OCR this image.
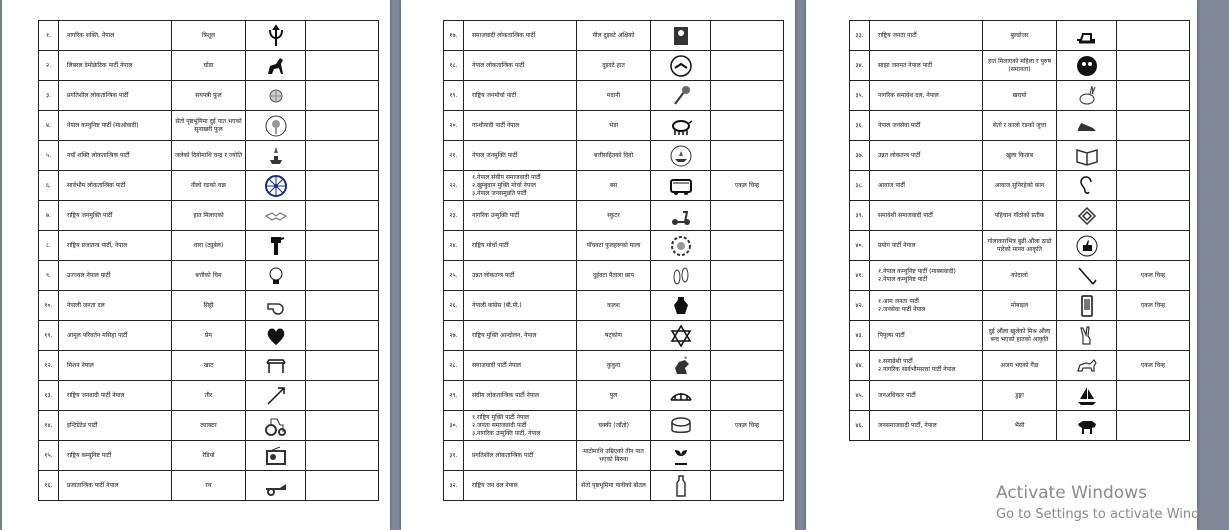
१.	नागरिक शक्ति, नेपाल	त्रिशूल	

२.	लिबरल डेमोक्रेटिक पार्टी नेपाल	घोडा	

३.	प्रगतिशील लोकतान्त्रिक पार्टी	सयपत्री फूल	

४.	नेपाल कम्युनिष्ट पार्टी (माओवादी)	सेतो पृष्ठभूमिमा दुई पात भएको सुनाखरी फूल	

५.	नयाँ शक्ति लोकतान्त्रिक पार्टी	जलेको दियोमाथि चन्द्र र ज्योति	

६.	सार्वभौम लोकतान्त्रिक पार्टी	नीलो रङको चक्र	

७.	राष्ट्रिय जनमुक्ति पार्टी	हात मिलाएको	

८.	राष्ट्रिय प्रजातन्त्र पार्टी, नेपाल	धारा (ट्युबेल)	

९.	उज्ज्वल नेपाल पार्टी	बत्तीको चिम	

१०.	नेपाली जनता दल	सिट्ठी	

११.	आमूल परिवर्तन मसिहा पार्टी	प्रेम	

१२.	मिशन नेपाल	खाट	

१३.	राष्ट्रिय जनवादी पार्टी नेपाल	तीर	

१४.	इन्टिग्रेटेड पार्टी	ट्याक्टर	

१५.	राष्ट्रिय कम्युनिष्ट पार्टी	रेडियो	

१६.	प्रजातान्त्रिक पार्टी नेपाल	रथ	

१७.	समाजवादी लोकतान्त्रिक पार्टी	नील दुइवटे अक्षिको	

१८.	नेपाल लोकतान्त्रिक पार्टी	दुइवटे हात	

१९.	राष्ट्रिय जनमोर्चा पार्टी	मदानी	

२०.	गान्धीवादी पार्टी नेपाल	भेडा	

२१.	नेपाल जनमुक्ति पार्टी	बत्तीसहितको दियो	

२२.	१.नेपाल संघीय समाजवादी पार्टी
२.खुम्बुवान मुक्ति मोर्चा नेपाल
३.नेपाल जनसमुन्नति पार्टी	बस		एकल चिन्ह
२३.	नागरिक उन्मुक्ति पार्टी	स्कुटर	

२४.	राष्ट्रिय मोर्चा पार्टी	पाँचवटा फुलहरूको माला	

२५.	उन्नत लोकतन्त्र पार्टी	दुईवटा पैताला छाप	

२६.	नेपाली कांग्रेस (बी.पी.)	कलश	

२७.	राष्ट्रिय मुक्ति आन्दोलन, नेपाल	षट्कोण	

२८.	समाजवादी पार्टी नेपाल	कुकुरा	

२९.	संघीय लोकतान्त्रिक पार्टी नेपाल	पुल	

३०.	१.राष्ट्रिय मुक्ति पार्टी नेपाल
२.जनता समाजवादी पार्टी
३.नागरिक उन्मुक्ति पार्टी, नेपाल	चक्की (जाँतो)		एकल चिन्ह
३१.	प्रगतिशील लोकतान्त्रिक पार्टी	माटोमाथि उम्रिएको तीन पात भएको बिरुवा	

३२.	राष्ट्रिय जन दल नेपाल	सेतो पृष्ठभूमिमा पानीको बोतल	

३३.	राष्ट्रिय जनता पार्टी	बुल्डोजर	

३४.	साझा जनमत नेपाल पार्टी	हात मिलाएको महिला र पुरुष (समानता)	

३५.	नागरिक समावेश दल, नेपाल	खरायो	

३६.	नेपाल जनसेवा पार्टी	सेतो र कालो रङको जुत्ता	

३७.	उन्नत लोकतन्त्र पार्टी	खुला किताब	

३८.	आवाज पार्टी	आवाज सुनिरहेको कान	

३९.	समावेशी समाजवादी पार्टी	पहिचान गाँठोको प्रतीक	

४०.	प्रयोग पार्टी नेपाल	गोलाकारभित्र बुढी औंला ठाडो पारेको मानव आकृति	

४१.	१.नेपाल कम्युनिष्ट पार्टी (माक्सवादी)
२.नेपाल कम्युनिष्ट पार्टी	कोदालो		एकल चिन्ह
४२.	१.आम जनता पार्टी
२.जनसेवा पार्टी नेपाल	मोबाइल		एकल चिन्ह
४३.	पिपुल्स पार्टी	दुई औंला खुलेको मिश्र औंला बन्द भएको हातको आकृति	

४४.	१.समावेशी पार्टी
२.नागरिक सार्वभौमसत्ता पार्टी नेपाल	अजय भएको गैंडा		एकल चिन्ह
४५.	जनअधिकार पार्टी	डुङ्गा	

४६.	जनसमाजवादी पार्टी, नेपाल	भैंसी	

Activate Windows
Go to Settings to activate Windows.
